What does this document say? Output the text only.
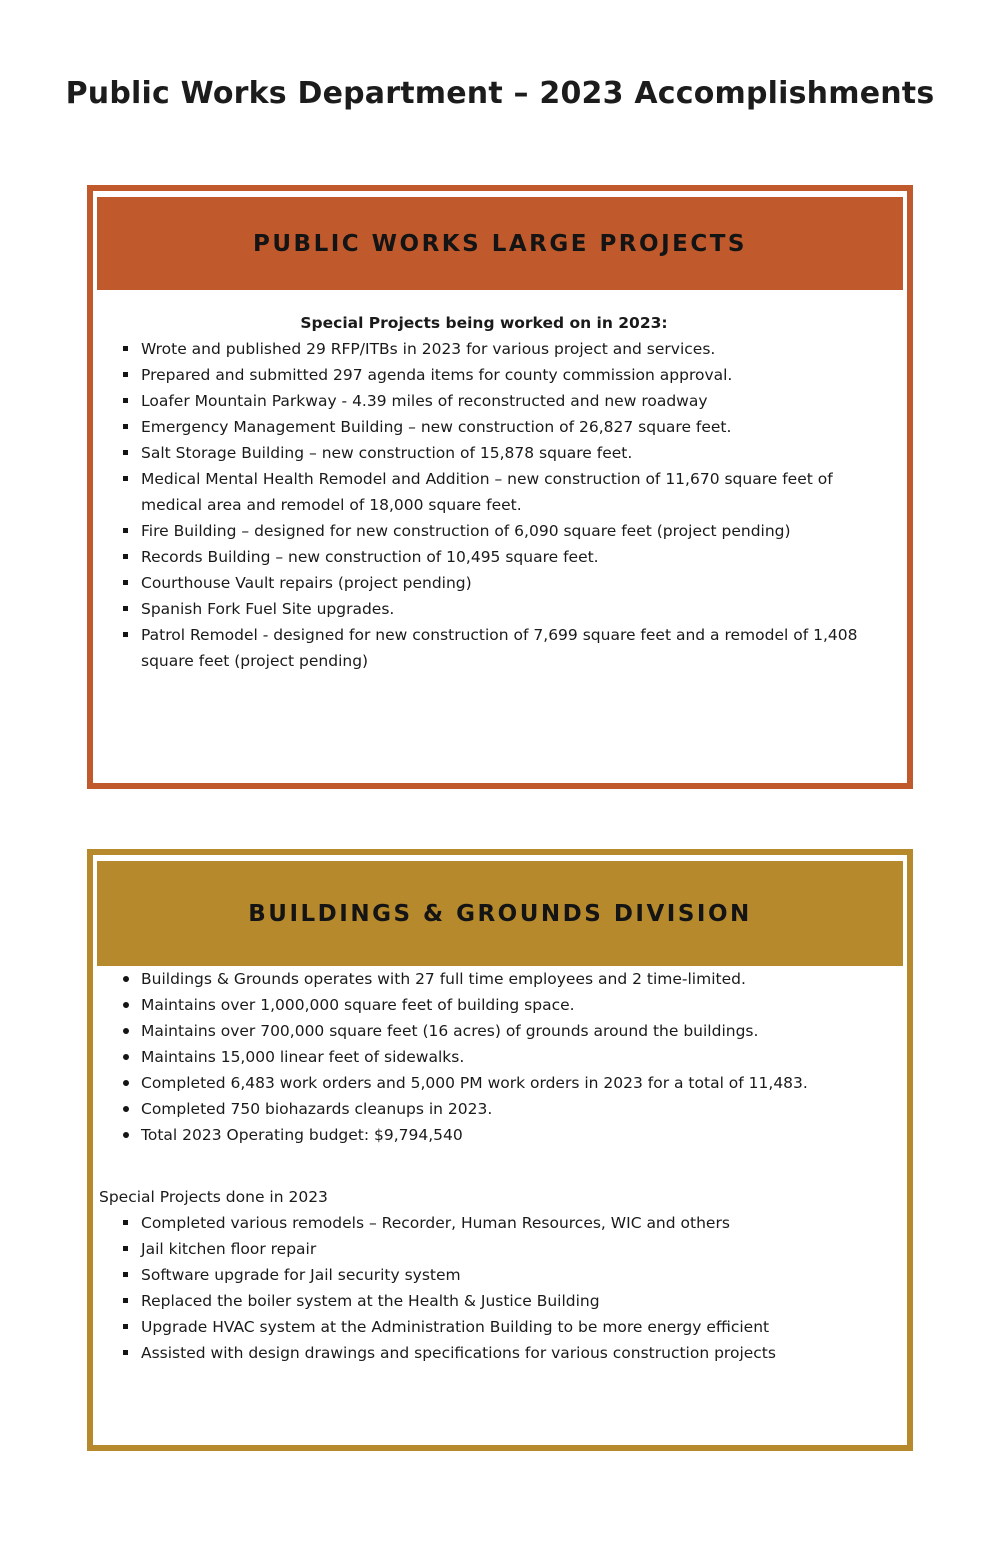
Public Works Department – 2023 Accomplishments
PUBLIC WORKS LARGE PROJECTS
Special Projects being worked on in 2023:
Wrote and published 29 RFP/ITBs in 2023 for various project and services.
Prepared and submitted 297 agenda items for county commission approval.
Loafer Mountain Parkway - 4.39 miles of reconstructed and new roadway
Emergency Management Building – new construction of 26,827 square feet.
Salt Storage Building – new construction of 15,878 square feet.
Medical Mental Health Remodel and Addition – new construction of 11,670 square feet of medical area and remodel of 18,000 square feet.
Fire Building – designed for new construction of 6,090 square feet (project pending)
Records Building – new construction of 10,495 square feet.
Courthouse Vault repairs (project pending)
Spanish Fork Fuel Site upgrades.
Patrol Remodel - designed for new construction of 7,699 square feet and a remodel of 1,408 square feet (project pending)
BUILDINGS & GROUNDS DIVISION
Buildings & Grounds operates with 27 full time employees and 2 time-limited.
Maintains over 1,000,000 square feet of building space.
Maintains over 700,000 square feet (16 acres) of grounds around the buildings.
Maintains 15,000 linear feet of sidewalks.
Completed 6,483 work orders and 5,000 PM work orders in 2023 for a total of 11,483.
Completed 750 biohazards cleanups in 2023.
Total 2023 Operating budget: $9,794,540
Special Projects done in 2023
Completed various remodels – Recorder, Human Resources, WIC and others
Jail kitchen floor repair
Software upgrade for Jail security system
Replaced the boiler system at the Health & Justice Building
Upgrade HVAC system at the Administration Building to be more energy efficient
Assisted with design drawings and specifications for various construction projects
